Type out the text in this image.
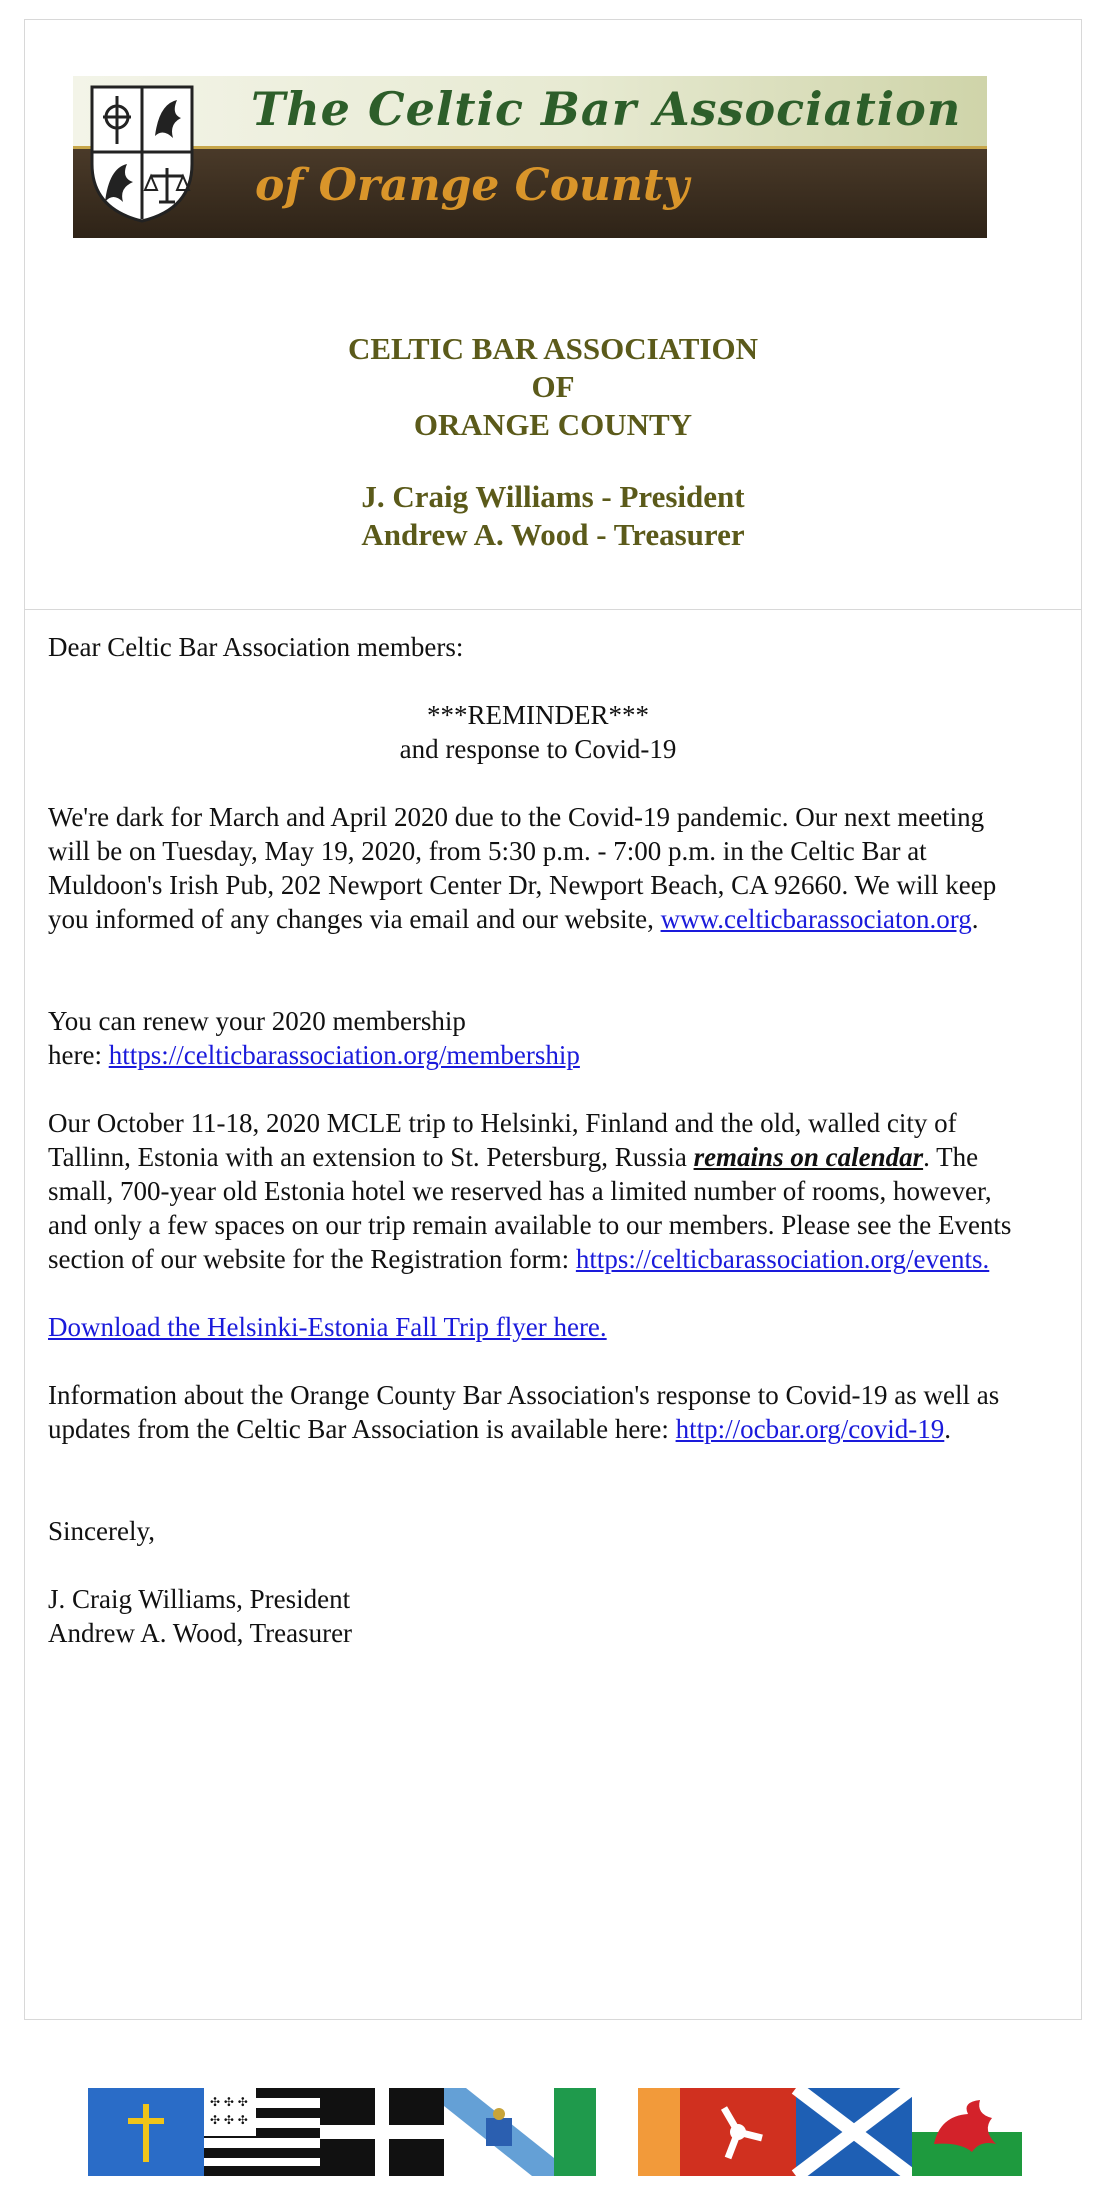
The Celtic Bar Association
of Orange County
CELTIC BAR ASSOCIATION
OF
ORANGE COUNTY
J. Craig Williams - President
Andrew A. Wood - Treasurer

Dear Celtic Bar Association members:

***REMINDER***

and response to Covid-19

We're dark for March and April 2020 due to the Covid-19 pandemic. Our next meeting will be on Tuesday, May 19, 2020, from 5:30 p.m. - 7:00 p.m. in the Celtic Bar at Muldoon's Irish Pub, 202 Newport Center Dr, Newport Beach, CA 92660. We will keep you informed of any changes via email and our website, www.celticbarassociaton.org.

You can renew your 2020 membership
here: https://celticbarassociation.org/membership

Our October 11-18, 2020 MCLE trip to Helsinki, Finland and the old, walled city of Tallinn, Estonia with an extension to St. Petersburg, Russia remains on calendar. The small, 700-year old Estonia hotel we reserved has a limited number of rooms, however, and only a few spaces on our trip remain available to our members. Please see the Events section of our website for the Registration form: https://celticbarassociation.org/events.

Download the Helsinki-Estonia Fall Trip flyer here.

Information about the Orange County Bar Association's response to Covid-19 as well as updates from the Celtic Bar Association is available here: http://ocbar.org/covid-19.

Sincerely,

J. Craig Williams, President

Andrew A. Wood, Treasurer

✣ ✣ ✣
✣ ✣ ✣
